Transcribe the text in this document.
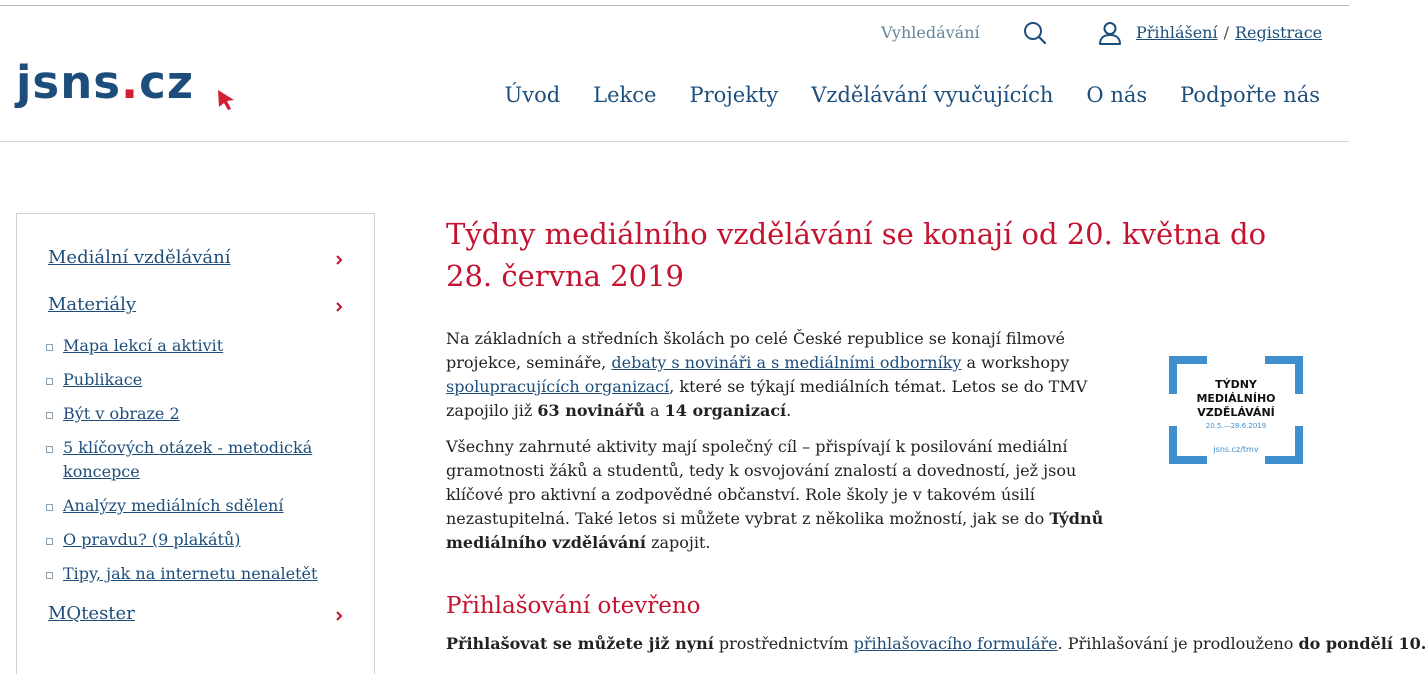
jsns.cz
Vyhledávání	Přihlášení / Registrace
Úvod Lekce Projekty Vzdělávání vyučujících O nás Podpořte nás
Mediální vzdělávání
Materiály
Mapa lekcí a aktivit
Publikace
Být v obraze 2
5 klíčových otázek - metodická koncepce
Analýzy mediálních sdělení
O pravdu? (9 plakátů)
Tipy, jak na internetu nenaletět
MQtester
Týdny mediálního vzdělávání se konají od 20. května do 28. června 2019

Na základních a středních školách po celé České republice se konají filmové projekce, semináře, debaty s novináři a s mediálními odborníky a workshopy spolupracujících organizací, které se týkají mediálních témat. Letos se do TMV zapojilo již 63 novinářů a 14 organizací.

Všechny zahrnuté aktivity mají společný cíl – přispívají k posilování mediální gramotnosti žáků a studentů, tedy k osvojování znalostí a dovedností, jež jsou klíčové pro aktivní a zodpovědné občanství. Role školy je v takovém úsilí nezastupitelná. Také letos si můžete vybrat z několika možností, jak se do Týdnů mediálního vzdělávání zapojit.

TÝDNY
MEDIÁLNÍHO
VZDĚLÁVÁNÍ
20.5.—28.6.2019
jsns.cz/tmv
Přihlašování otevřeno

Přihlašovat se můžete již nyní prostřednictvím přihlašovacího formuláře. Přihlašování je prodlouženo do pondělí 10.
